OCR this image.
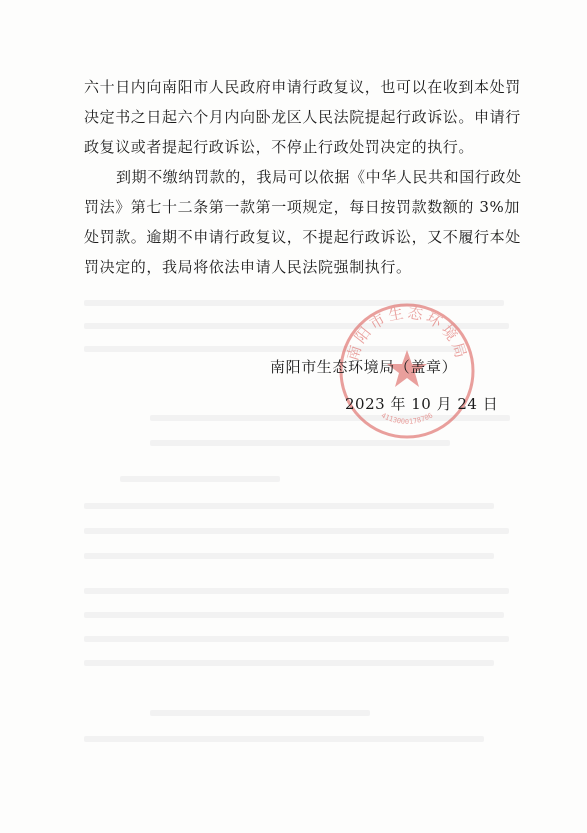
南阳市生态环境局
4113000178706
六十日内向南阳市人民政府申请行政复议，也可以在收到本处罚
决定书之日起六个月内向卧龙区人民法院提起行政诉讼。申请行
政复议或者提起行政诉讼，不停止行政处罚决定的执行。
到期不缴纳罚款的，我局可以依据《中华人民共和国行政处
罚法》第七十二条第一款第一项规定，每日按罚款数额的 3%加
处罚款。逾期不申请行政复议，不提起行政诉讼，又不履行本处
罚决定的，我局将依法申请人民法院强制执行。
南阳市生态环境局（盖章）
2023 年 10 月 24 日
